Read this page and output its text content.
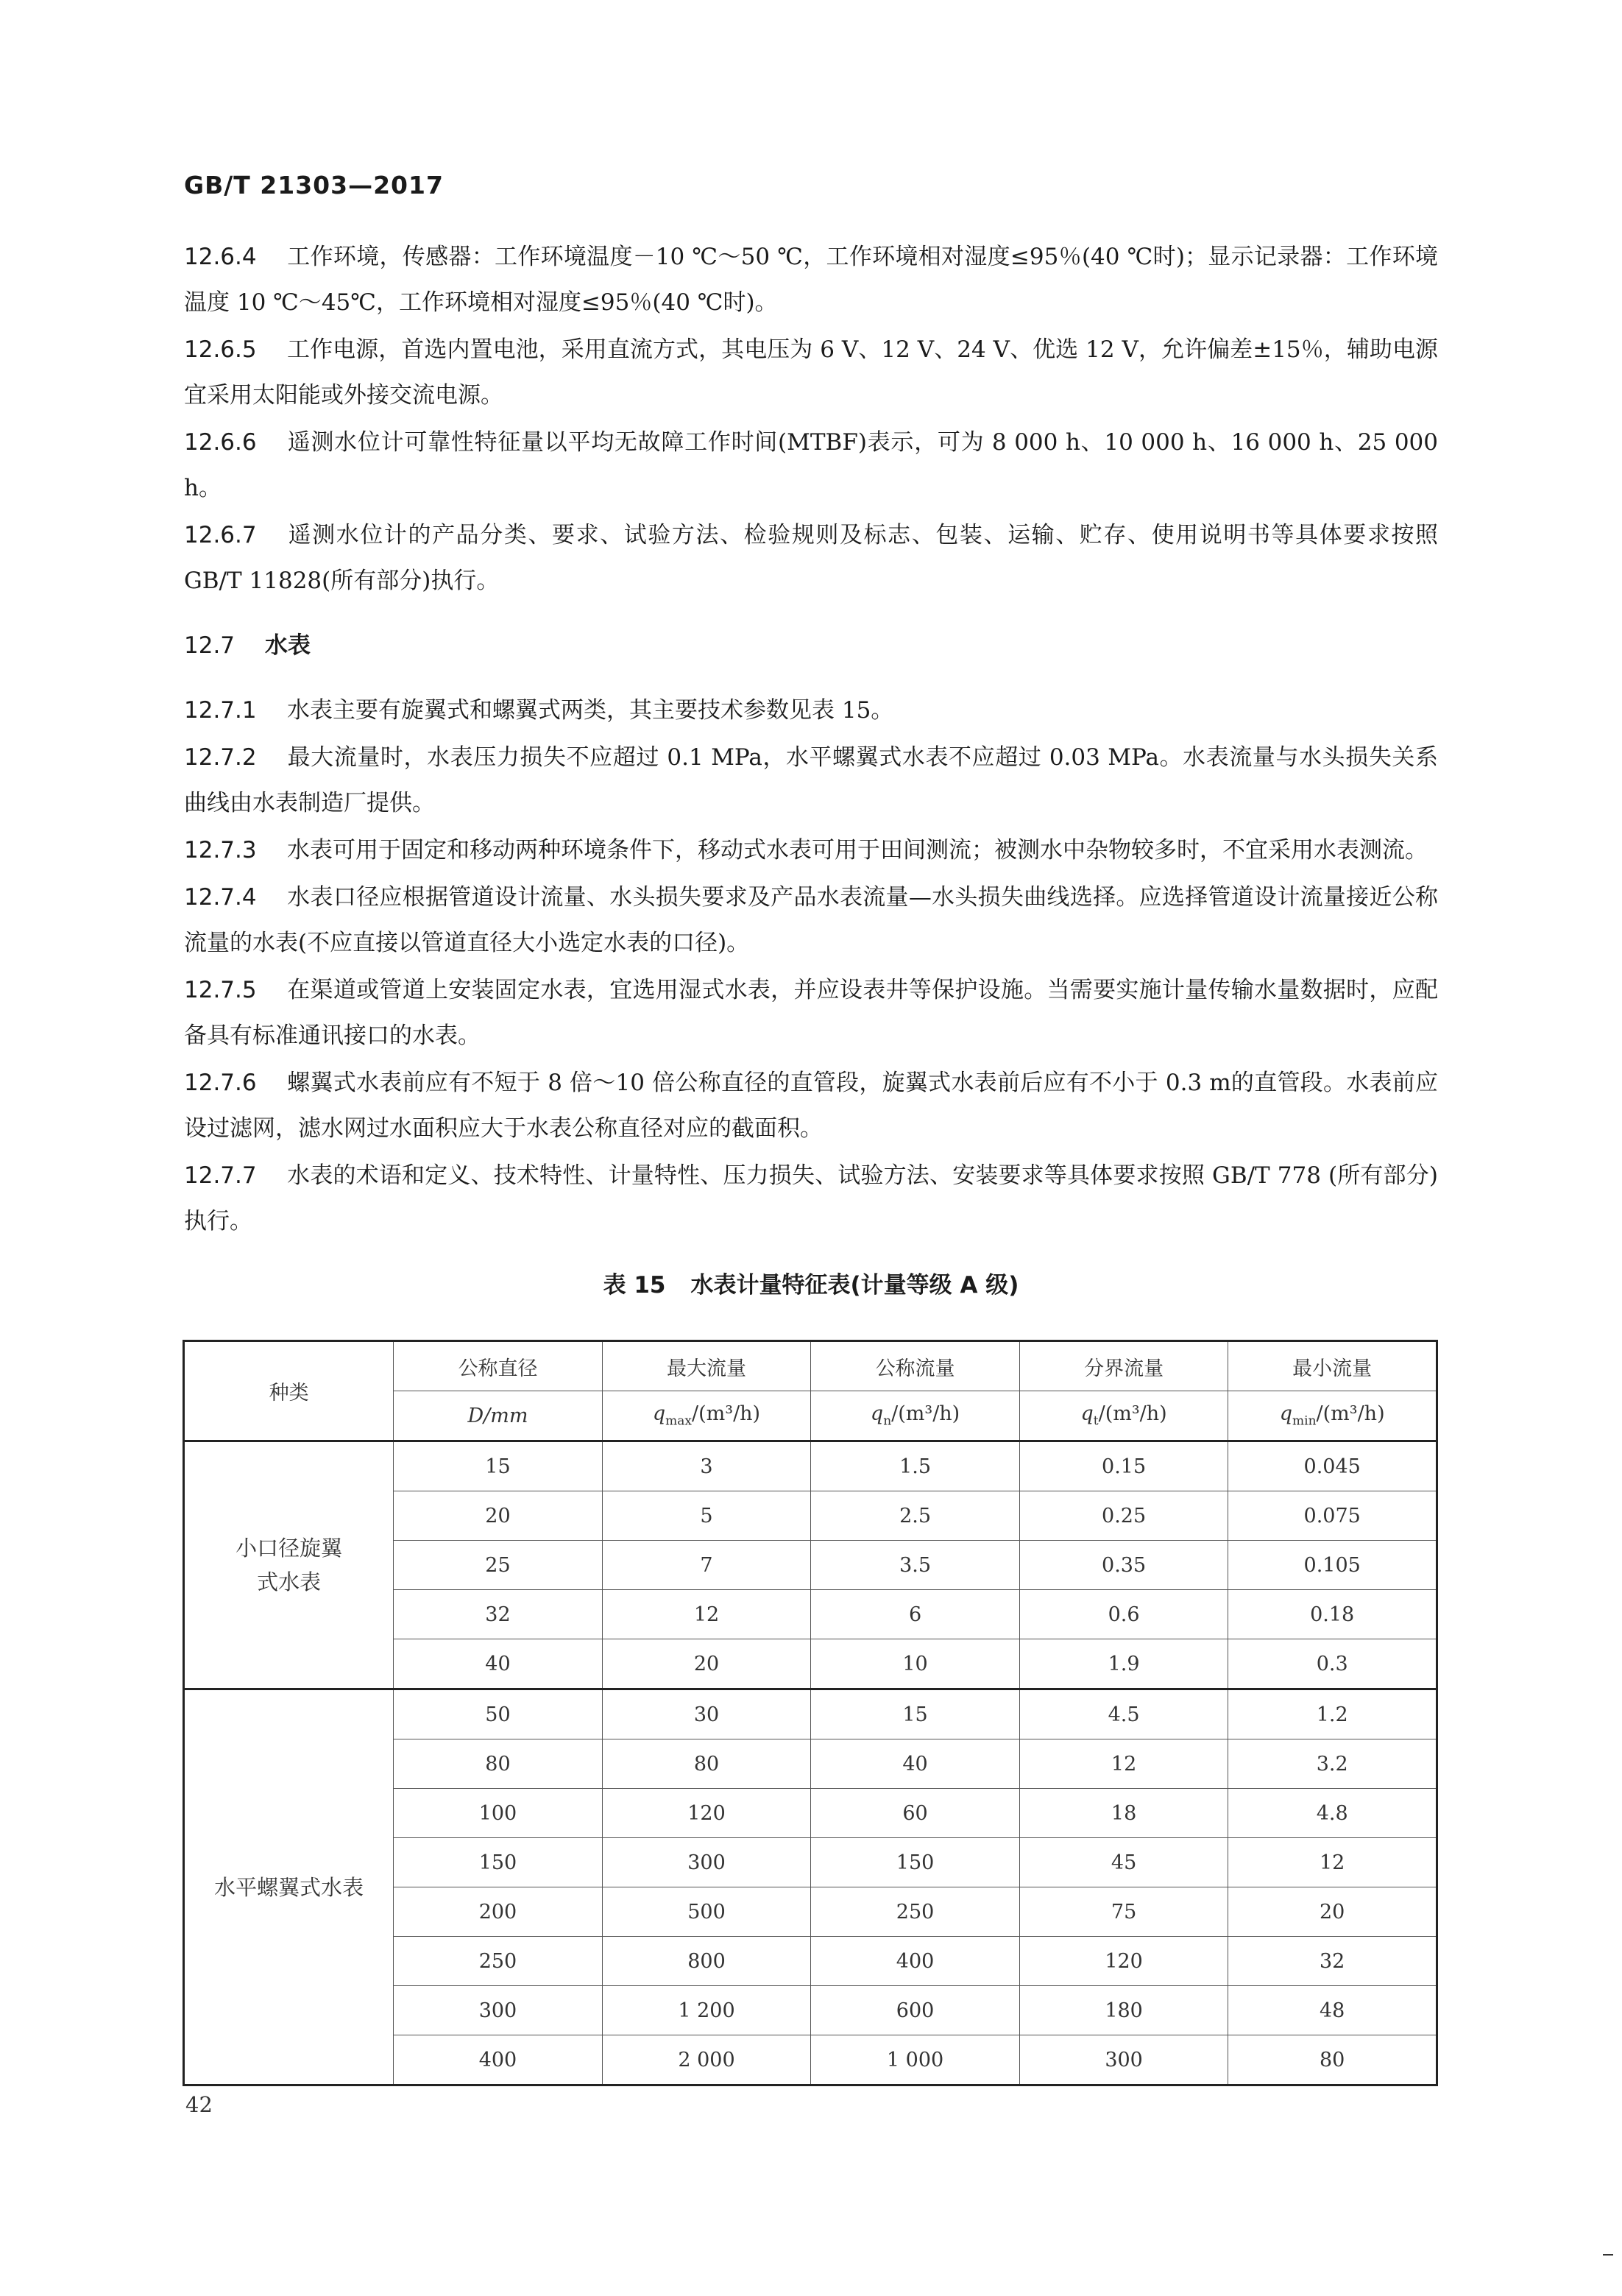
GB/T 21303—2017
12.6.4 工作环境，传感器：工作环境温度－10 ℃～50 ℃，工作环境相对湿度≤95％(40 ℃时)；显示记录器：工作环境温度 10 ℃～45℃，工作环境相对湿度≤95％(40 ℃时)。
12.6.5 工作电源，首选内置电池，采用直流方式，其电压为 6 V、12 V、24 V、优选 12 V，允许偏差±15％，辅助电源宜采用太阳能或外接交流电源。
12.6.6 遥测水位计可靠性特征量以平均无故障工作时间(MTBF)表示，可为 8 000 h、10 000 h、16 000 h、25 000 h。
12.6.7 遥测水位计的产品分类、要求、试验方法、检验规则及标志、包装、运输、贮存、使用说明书等具体要求按照 GB/T 11828(所有部分)执行。
12.7 水表
12.7.1 水表主要有旋翼式和螺翼式两类，其主要技术参数见表 15。
12.7.2 最大流量时，水表压力损失不应超过 0.1 MPa，水平螺翼式水表不应超过 0.03 MPa。水表流量与水头损失关系曲线由水表制造厂提供。
12.7.3 水表可用于固定和移动两种环境条件下，移动式水表可用于田间测流；被测水中杂物较多时，不宜采用水表测流。
12.7.4 水表口径应根据管道设计流量、水头损失要求及产品水表流量—水头损失曲线选择。应选择管道设计流量接近公称流量的水表(不应直接以管道直径大小选定水表的口径)。
12.7.5 在渠道或管道上安装固定水表，宜选用湿式水表，并应设表井等保护设施。当需要实施计量传输水量数据时，应配备具有标准通讯接口的水表。
12.7.6 螺翼式水表前应有不短于 8 倍～10 倍公称直径的直管段，旋翼式水表前后应有不小于 0.3 m的直管段。水表前应设过滤网，滤水网过水面积应大于水表公称直径对应的截面积。
12.7.7 水表的术语和定义、技术特性、计量特性、压力损失、试验方法、安装要求等具体要求按照 GB/T 778 (所有部分)执行。
表 15 水表计量特征表(计量等级 A 级)
种类	公称直径	最大流量	公称流量	分界流量	最小流量
	D/mm	$q_{max}/(m^3/h)$	$q_n/(m^3/h)$	$q_t/(m^3/h)$	$q_{min}/(m^3/h)$

小口径旋翼
式水表	15	3	1.5	0.15	0.045
	20	5	2.5	0.25	0.075
	25	7	3.5	0.35	0.105
	32	12	6	0.6	0.18
	40	20	10	1.9	0.3

水平螺翼式水表	50	30	15	4.5	1.2
	80	80	40	12	3.2
	100	120	60	18	4.8
	150	300	150	45	12
	200	500	250	75	20
	250	800	400	120	32
	300	1 200	600	180	48
	400	2 000	1 000	300	80
42
